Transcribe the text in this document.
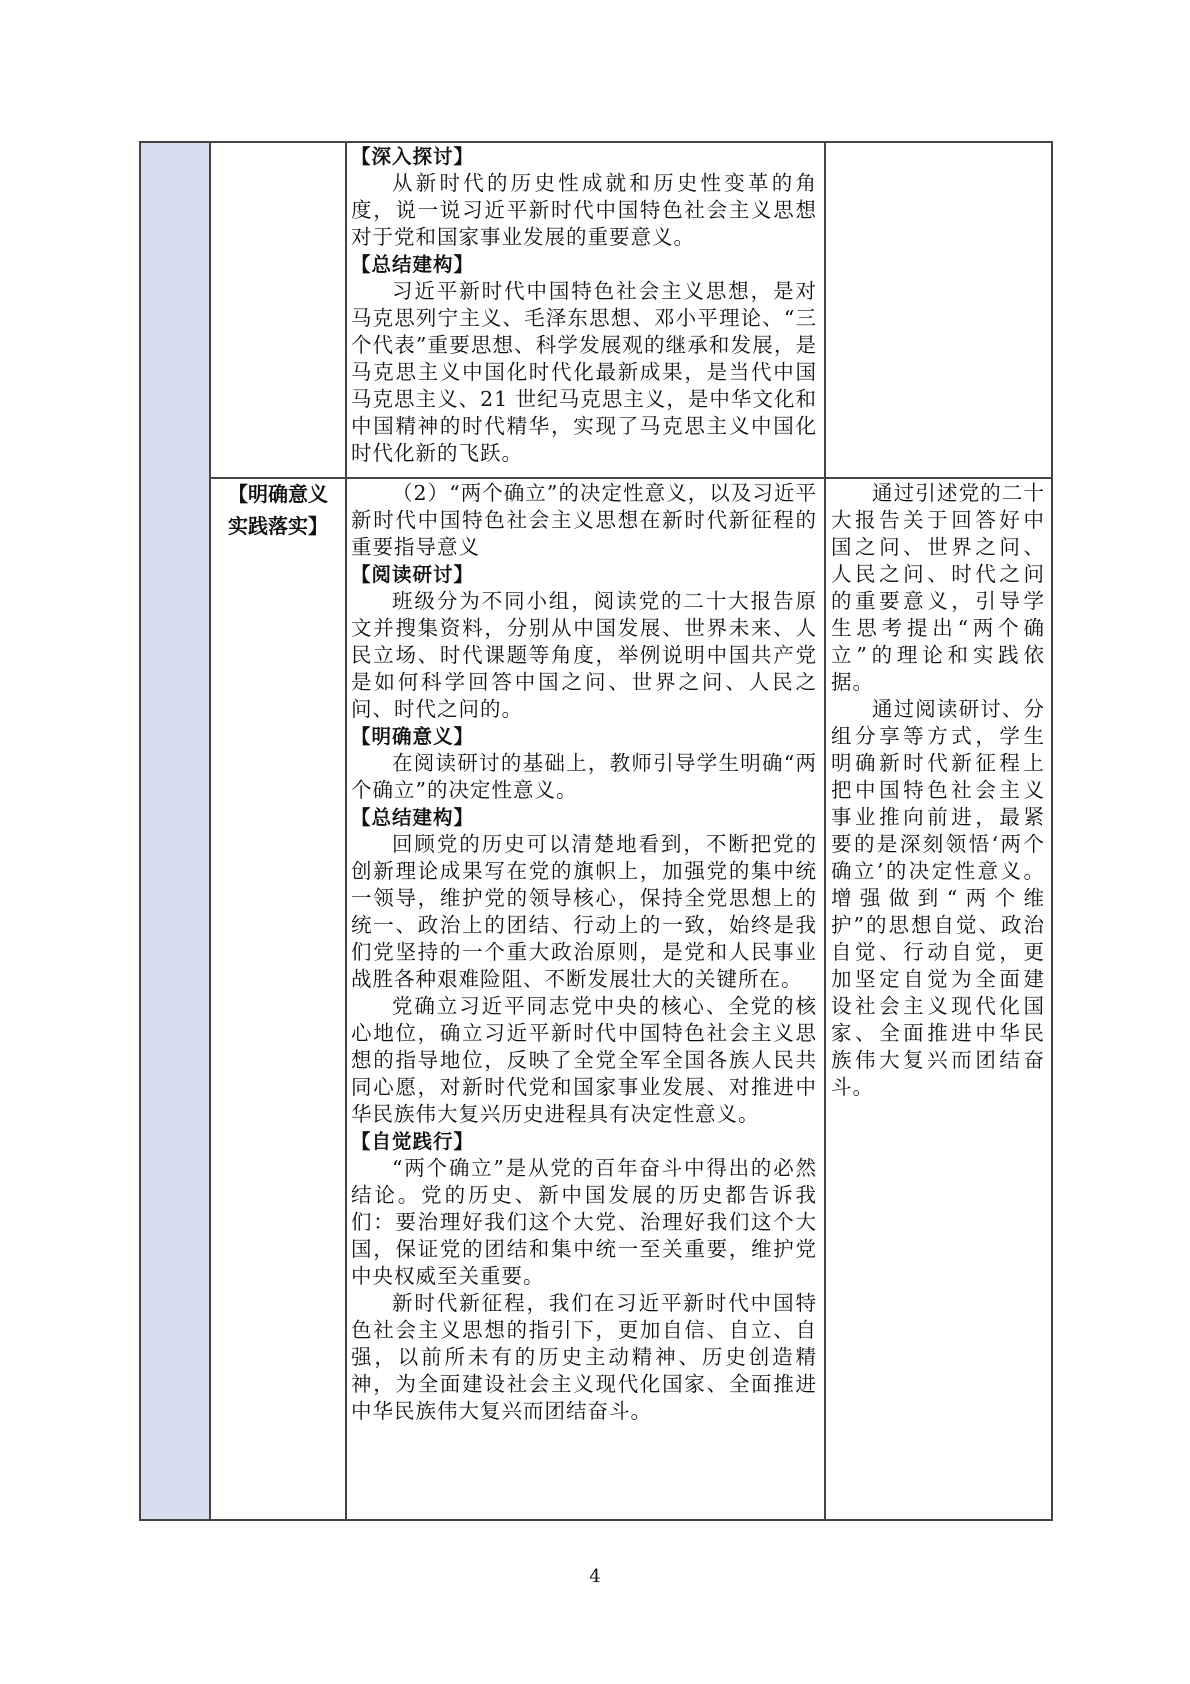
【深入探讨】

从新时代的历史性成就和历史性变革的角度，说一说习近平新时代中国特色社会主义思想对于党和国家事业发展的重要意义。

【总结建构】

习近平新时代中国特色社会主义思想，是对马克思列宁主义、毛泽东思想、邓小平理论、“三个代表”重要思想、科学发展观的继承和发展，是马克思主义中国化时代化最新成果，是当代中国马克思主义、21 世纪马克思主义，是中华文化和中国精神的时代精华，实现了马克思主义中国化时代化新的飞跃。

【明确意义
实践落实】

（2）“两个确立”的决定性意义，以及习近平新时代中国特色社会主义思想在新时代新征程的重要指导意义

【阅读研讨】

班级分为不同小组，阅读党的二十大报告原文并搜集资料，分别从中国发展、世界未来、人民立场、时代课题等角度，举例说明中国共产党是如何科学回答中国之问、世界之问、人民之问、时代之问的。

【明确意义】

在阅读研讨的基础上，教师引导学生明确“两个确立”的决定性意义。

【总结建构】

回顾党的历史可以清楚地看到，不断把党的创新理论成果写在党的旗帜上，加强党的集中统一领导，维护党的领导核心，保持全党思想上的统一、政治上的团结、行动上的一致，始终是我们党坚持的一个重大政治原则，是党和人民事业战胜各种艰难险阻、不断发展壮大的关键所在。

党确立习近平同志党中央的核心、全党的核心地位，确立习近平新时代中国特色社会主义思想的指导地位，反映了全党全军全国各族人民共同心愿，对新时代党和国家事业发展、对推进中华民族伟大复兴历史进程具有决定性意义。

【自觉践行】

“两个确立”是从党的百年奋斗中得出的必然结论。党的历史、新中国发展的历史都告诉我们：要治理好我们这个大党、治理好我们这个大国，保证党的团结和集中统一至关重要，维护党中央权威至关重要。

新时代新征程，我们在习近平新时代中国特色社会主义思想的指引下，更加自信、自立、自强，以前所未有的历史主动精神、历史创造精神，为全面建设社会主义现代化国家、全面推进中华民族伟大复兴而团结奋斗。

通过引述党的二十大报告关于回答好中国之问、世界之问、人民之问、时代之问的重要意义，引导学生思考提出“两个确立”的理论和实践依据。

通过阅读研讨、分组分享等方式，学生明确新时代新征程上把中国特色社会主义事业推向前进，最紧要的是深刻领悟‘两个确立’的决定性意义。增强做到“两个维护”的思想自觉、政治自觉、行动自觉，更加坚定自觉为全面建设社会主义现代化国家、全面推进中华民族伟大复兴而团结奋斗。

4
